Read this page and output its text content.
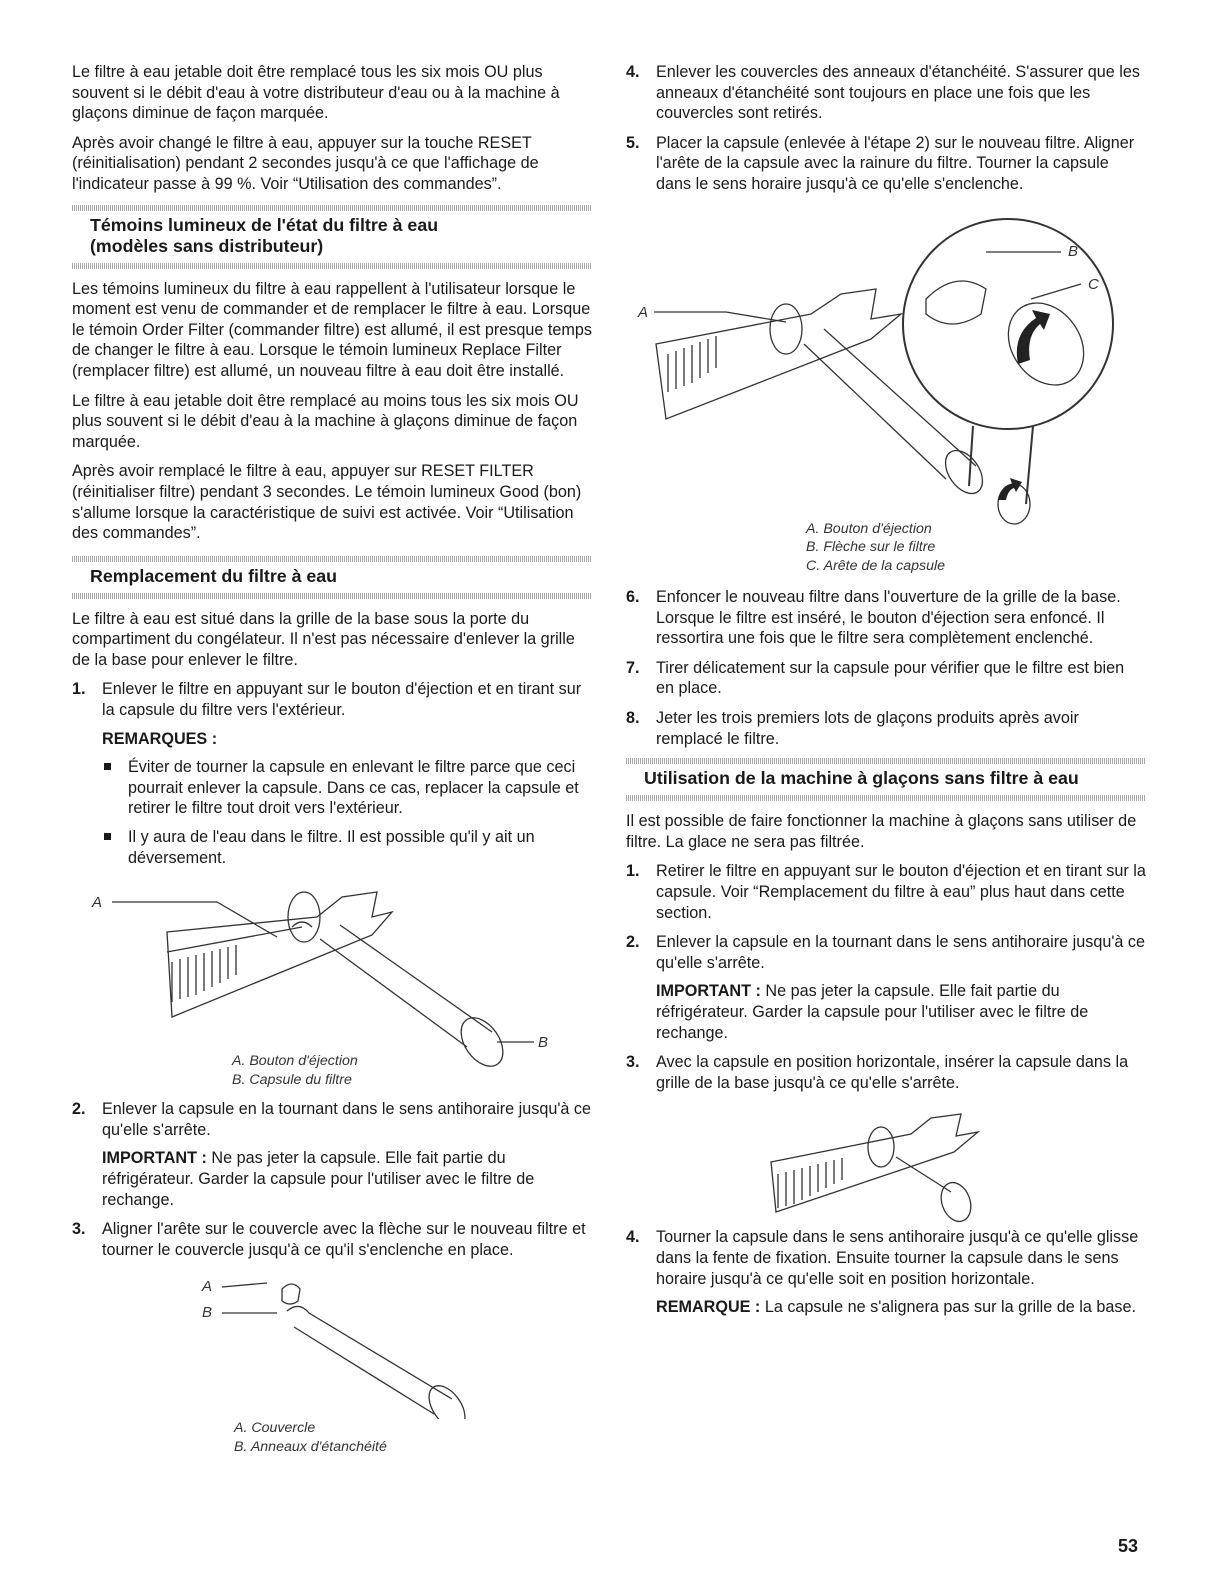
Le filtre à eau jetable doit être remplacé tous les six mois OU plus souvent si le débit d'eau à votre distributeur d'eau ou à la machine à glaçons diminue de façon marquée.

Après avoir changé le filtre à eau, appuyer sur la touche RESET (réinitialisation) pendant 2 secondes jusqu'à ce que l'affichage de l'indicateur passe à 99 %. Voir “Utilisation des commandes”.

Témoins lumineux de l'état du filtre à eau
(modèles sans distributeur)

Les témoins lumineux du filtre à eau rappellent à l'utilisateur lorsque le moment est venu de commander et de remplacer le filtre à eau. Lorsque le témoin Order Filter (commander filtre) est allumé, il est presque temps de changer le filtre à eau. Lorsque le témoin lumineux Replace Filter (remplacer filtre) est allumé, un nouveau filtre à eau doit être installé.

Le filtre à eau jetable doit être remplacé au moins tous les six mois OU plus souvent si le débit d'eau à la machine à glaçons diminue de façon marquée.

Après avoir remplacé le filtre à eau, appuyer sur RESET FILTER (réinitialiser filtre) pendant 3 secondes. Le témoin lumineux Good (bon) s'allume lorsque la caractéristique de suivi est activée. Voir “Utilisation des commandes”.

Remplacement du filtre à eau

Le filtre à eau est situé dans la grille de la base sous la porte du compartiment du congélateur. Il n'est pas nécessaire d'enlever la grille de la base pour enlever le filtre.

1. Enlever le filtre en appuyant sur le bouton d'éjection et en tirant sur la capsule du filtre vers l'extérieur.

REMARQUES :
Éviter de tourner la capsule en enlevant le filtre parce que ceci pourrait enlever la capsule. Dans ce cas, replacer la capsule et retirer le filtre tout droit vers l'extérieur.
Il y aura de l'eau dans le filtre. Il est possible qu'il y ait un déversement.
A
B
A. Bouton d'éjection
B. Capsule du filtre
2. Enlever la capsule en la tournant dans le sens antihoraire jusqu'à ce qu'elle s'arrête.

IMPORTANT : Ne pas jeter la capsule. Elle fait partie du réfrigérateur. Garder la capsule pour l'utiliser avec le filtre de rechange.

3. Aligner l'arête sur le couvercle avec la flèche sur le nouveau filtre et tourner le couvercle jusqu'à ce qu'il s'enclenche en place.

A
B
A. Couvercle
B. Anneaux d'étanchéité
4. Enlever les couvercles des anneaux d'étanchéité. S'assurer que les anneaux d'étanchéité sont toujours en place une fois que les couvercles sont retirés.

5. Placer la capsule (enlevée à l'étape 2) sur le nouveau filtre. Aligner l'arête de la capsule avec la rainure du filtre. Tourner la capsule dans le sens horaire jusqu'à ce qu'elle s'enclenche.

A
B
C
A. Bouton d'éjection
B. Flèche sur le filtre
C. Arête de la capsule
6. Enfoncer le nouveau filtre dans l'ouverture de la grille de la base. Lorsque le filtre est inséré, le bouton d'éjection sera enfoncé. Il ressortira une fois que le filtre sera complètement enclenché.

7. Tirer délicatement sur la capsule pour vérifier que le filtre est bien en place.

8. Jeter les trois premiers lots de glaçons produits après avoir remplacé le filtre.

Utilisation de la machine à glaçons sans filtre à eau

Il est possible de faire fonctionner la machine à glaçons sans utiliser de filtre. La glace ne sera pas filtrée.

1. Retirer le filtre en appuyant sur le bouton d'éjection et en tirant sur la capsule. Voir “Remplacement du filtre à eau” plus haut dans cette section.

2. Enlever la capsule en la tournant dans le sens antihoraire jusqu'à ce qu'elle s'arrête.

IMPORTANT : Ne pas jeter la capsule. Elle fait partie du réfrigérateur. Garder la capsule pour l'utiliser avec le filtre de rechange.

3. Avec la capsule en position horizontale, insérer la capsule dans la grille de la base jusqu'à ce qu'elle s'arrête.

4. Tourner la capsule dans le sens antihoraire jusqu'à ce qu'elle glisse dans la fente de fixation. Ensuite tourner la capsule dans le sens horaire jusqu'à ce qu'elle soit en position horizontale.

REMARQUE : La capsule ne s'alignera pas sur la grille de la base.

53
